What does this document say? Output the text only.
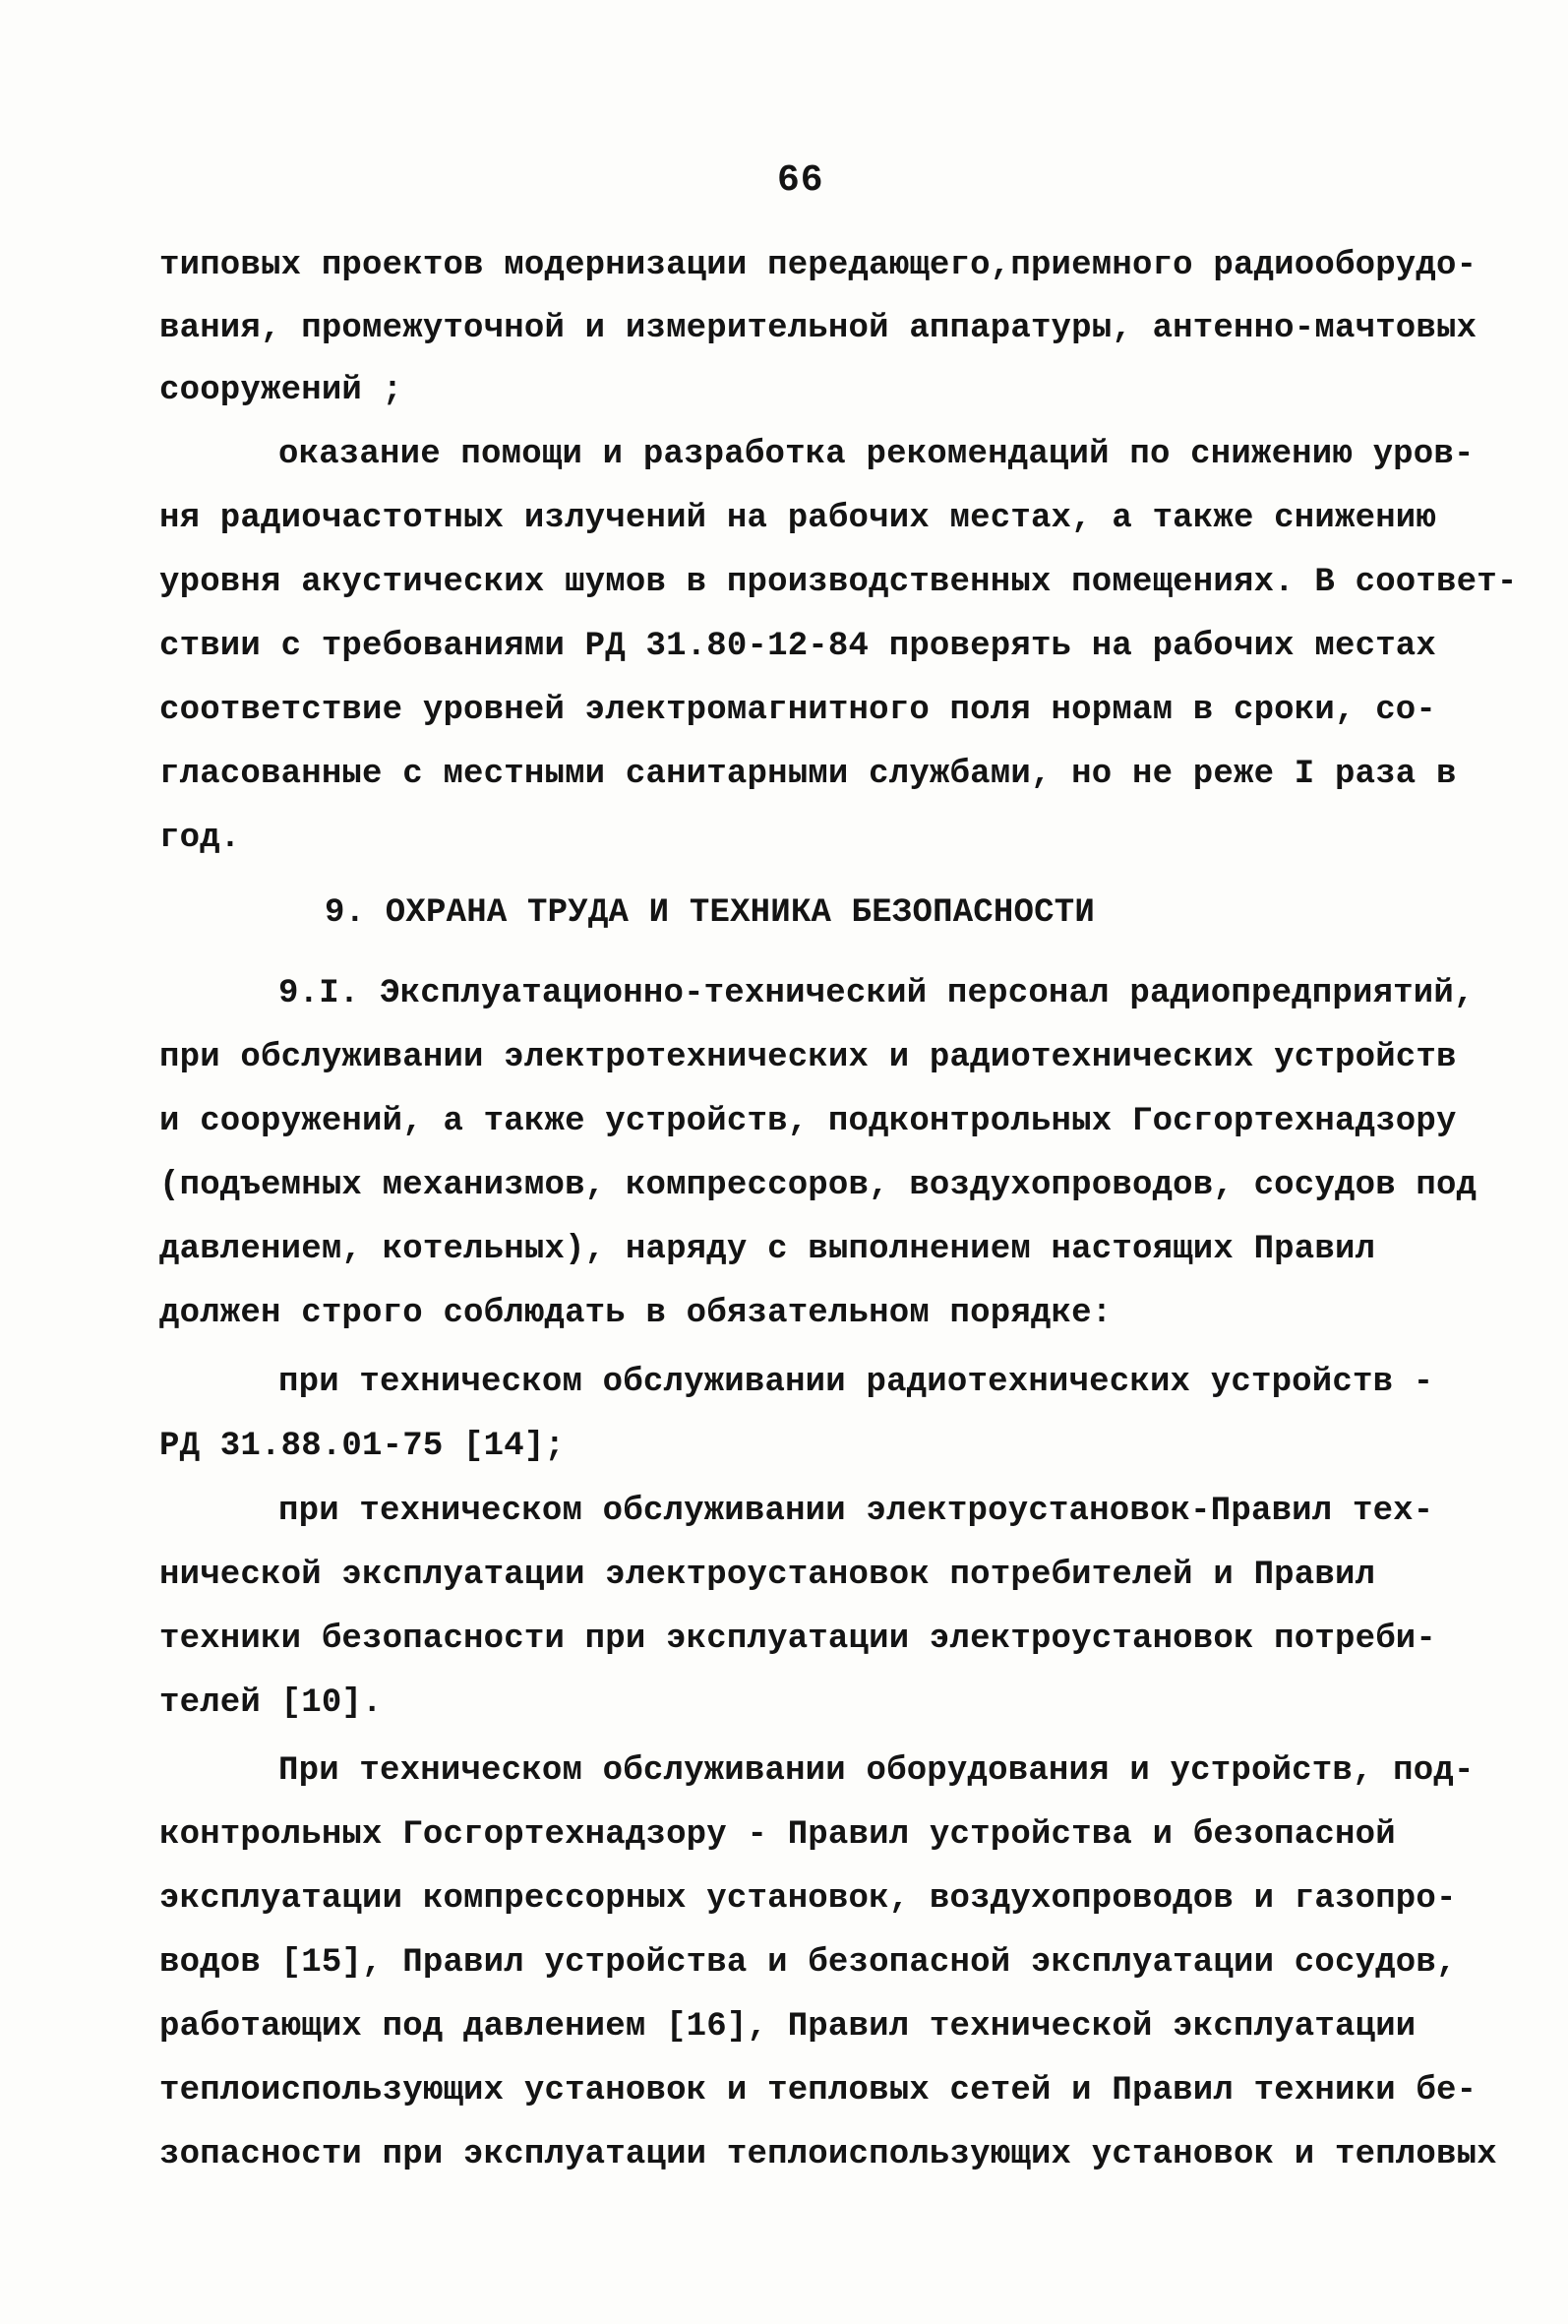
66
типовых проектов модернизации передающего,приемного радиооборудо-
вания, промежуточной и измерительной аппаратуры, антенно-мачтовых
сооружений ;
оказание помощи и разработка рекомендаций по снижению уров-
ня радиочастотных излучений на рабочих местах, а также снижению
уровня акустических шумов в производственных помещениях. В соответ-
ствии с требованиями РД 31.80-12-84 проверять на рабочих местах
соответствие уровней электромагнитного поля нормам в сроки, со-
гласованные с местными санитарными службами, но не реже I раза в
год.
9. ОХРАНА ТРУДА И ТЕХНИКА БЕЗОПАСНОСТИ
9.I. Эксплуатационно-технический персонал радиопредприятий,
при обслуживании электротехнических и радиотехнических устройств
и сооружений, а также устройств, подконтрольных Госгортехнадзору
(подъемных механизмов, компрессоров, воздухопроводов, сосудов под
давлением, котельных), наряду с выполнением настоящих Правил
должен строго соблюдать в обязательном порядке:
при техническом обслуживании радиотехнических устройств -
РД 31.88.01-75 [14];
при техническом обслуживании электроустановок-Правил тех-
нической эксплуатации электроустановок потребителей и Правил
техники безопасности при эксплуатации электроустановок потреби-
телей [10].
При техническом обслуживании оборудования и устройств, под-
контрольных Госгортехнадзору - Правил устройства и безопасной
эксплуатации компрессорных установок, воздухопроводов и газопро-
водов [15], Правил устройства и безопасной эксплуатации сосудов,
работающих под давлением [16], Правил технической эксплуатации
теплоиспользующих установок и тепловых сетей и Правил техники бе-
зопасности при эксплуатации теплоиспользующих установок и тепловых
